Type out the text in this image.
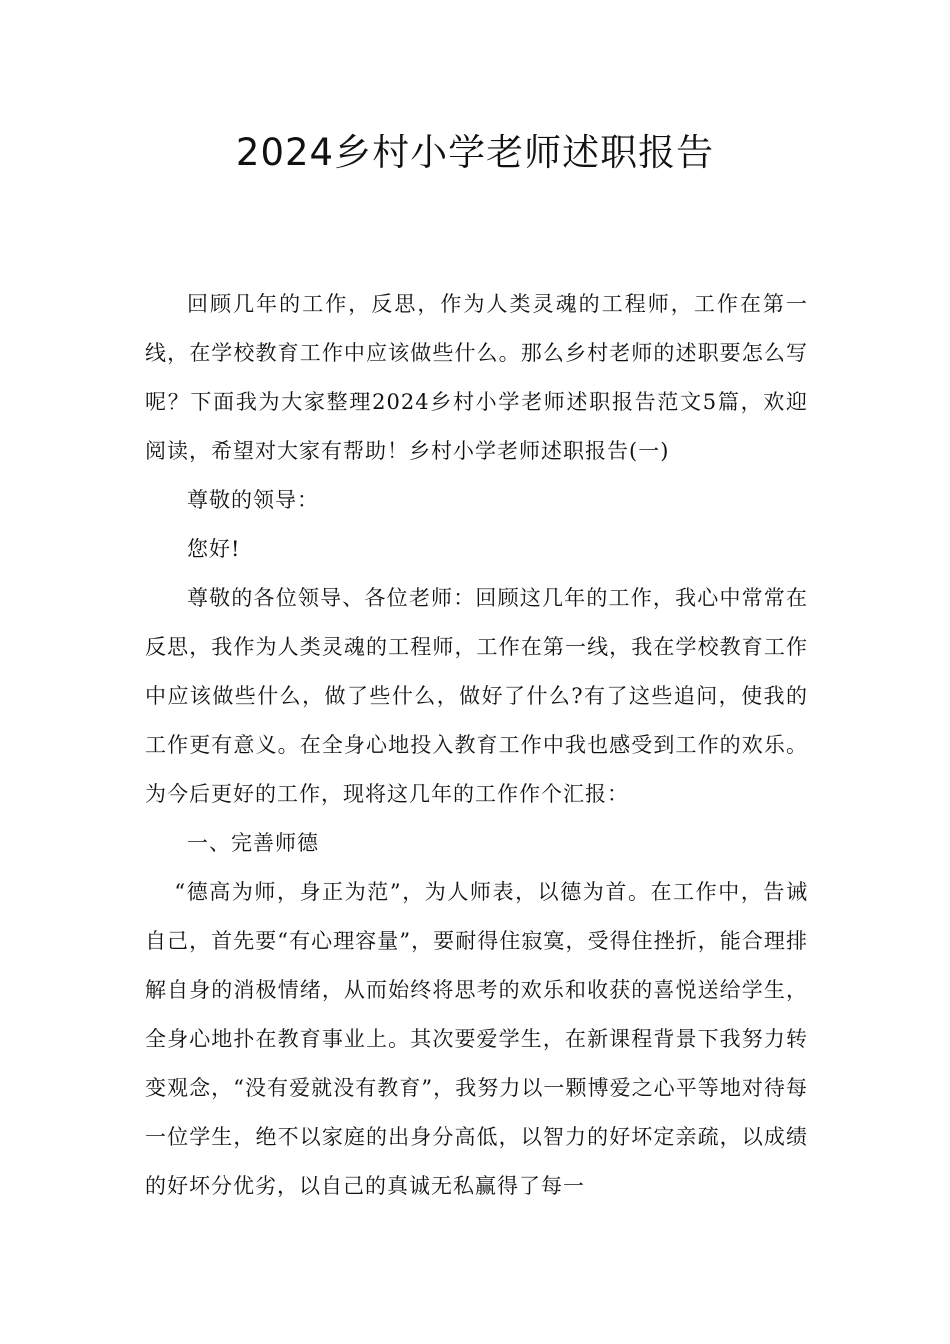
2024乡村小学老师述职报告

回顾几年的工作，反思，作为人类灵魂的工程师，工作在第一线，在学校教育工作中应该做些什么。那么乡村老师的述职要怎么写呢？下面我为大家整理2024乡村小学老师述职报告范文5篇，欢迎阅读，希望对大家有帮助！乡村小学老师述职报告(一)

尊敬的领导：

您好!

尊敬的各位领导、各位老师：回顾这几年的工作，我心中常常在反思，我作为人类灵魂的工程师，工作在第一线，我在学校教育工作中应该做些什么，做了些什么，做好了什么?有了这些追问，使我的工作更有意义。在全身心地投入教育工作中我也感受到工作的欢乐。为今后更好的工作，现将这几年的工作作个汇报：

一、完善师德

“德高为师，身正为范”，为人师表，以德为首。在工作中，告诫自己，首先要“有心理容量”，要耐得住寂寞，受得住挫折，能合理排解自身的消极情绪，从而始终将思考的欢乐和收获的喜悦送给学生，全身心地扑在教育事业上。其次要爱学生，在新课程背景下我努力转变观念，“没有爱就没有教育”，我努力以一颗博爱之心平等地对待每一位学生，绝不以家庭的出身分高低，以智力的好坏定亲疏，以成绩的好坏分优劣，以自己的真诚无私赢得了每一
